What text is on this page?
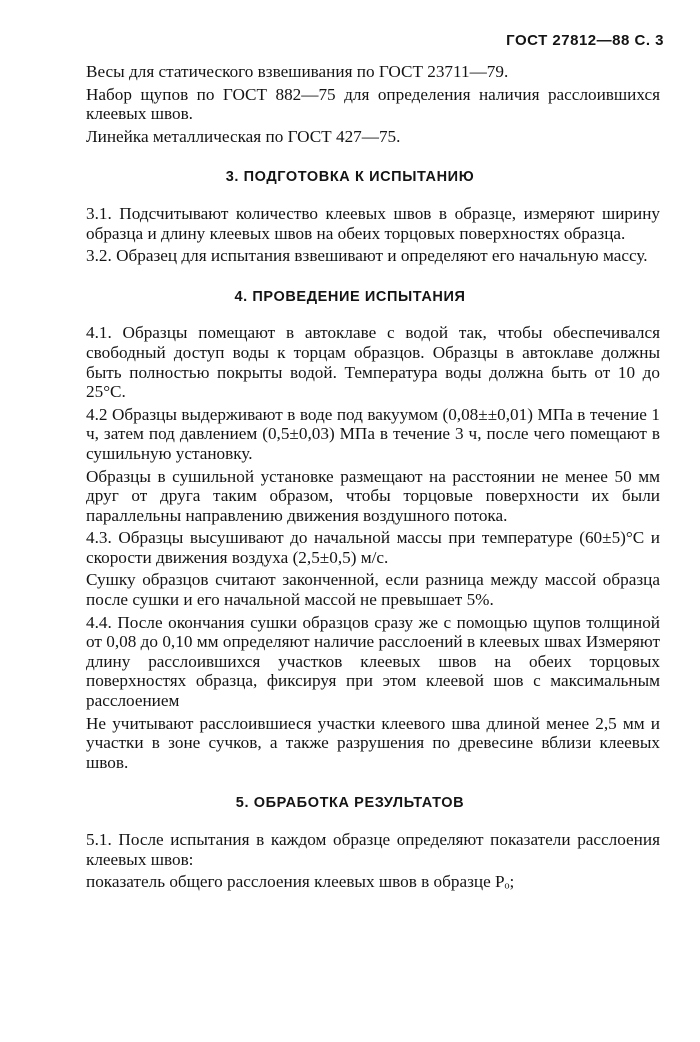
ГОСТ 27812—88 С. 3

Весы для статического взвешивания по ГОСТ 23711—79.

Набор щупов по ГОСТ 882—75 для определения наличия расслоившихся клеевых швов.

Линейка металлическая по ГОСТ 427—75.

3. ПОДГОТОВКА К ИСПЫТАНИЮ

3.1. Подсчитывают количество клеевых швов в образце, измеряют ширину образца и длину клеевых швов на обеих торцовых поверхностях образца.

3.2. Образец для испытания взвешивают и определяют его начальную массу.

4. ПРОВЕДЕНИЕ ИСПЫТАНИЯ

4.1. Образцы помещают в автоклаве с водой так, чтобы обеспечивался свободный доступ воды к торцам образцов. Образцы в автоклаве должны быть полностью покрыты водой. Температура воды должна быть от 10 до 25°С.

4.2 Образцы выдерживают в воде под вакуумом (0,08±±0,01) МПа в течение 1 ч, затем под давлением (0,5±0,03) МПа в течение 3 ч, после чего помещают в сушильную установку.

Образцы в сушильной установке размещают на расстоянии не менее 50 мм друг от друга таким образом, чтобы торцовые поверхности их были параллельны направлению движения воздушного потока.

4.3. Образцы высушивают до начальной массы при температуре (60±5)°С и скорости движения воздуха (2,5±0,5) м/с.

Сушку образцов считают законченной, если разница между массой образца после сушки и его начальной массой не превышает 5%.

4.4. После окончания сушки образцов сразу же с помощью щупов толщиной от 0,08 до 0,10 мм определяют наличие расслоений в клеевых швах Измеряют длину расслоившихся участков клеевых швов на обеих торцовых поверхностях образца, фиксируя при этом клеевой шов с максимальным расслоением

Не учитывают расслоившиеся участки клеевого шва длиной менее 2,5 мм и участки в зоне сучков, а также разрушения по древесине вблизи клеевых швов.

5. ОБРАБОТКА РЕЗУЛЬТАТОВ

5.1. После испытания в каждом образце определяют показатели расслоения клеевых швов:

показатель общего расслоения клеевых швов в образце Pₒ;
